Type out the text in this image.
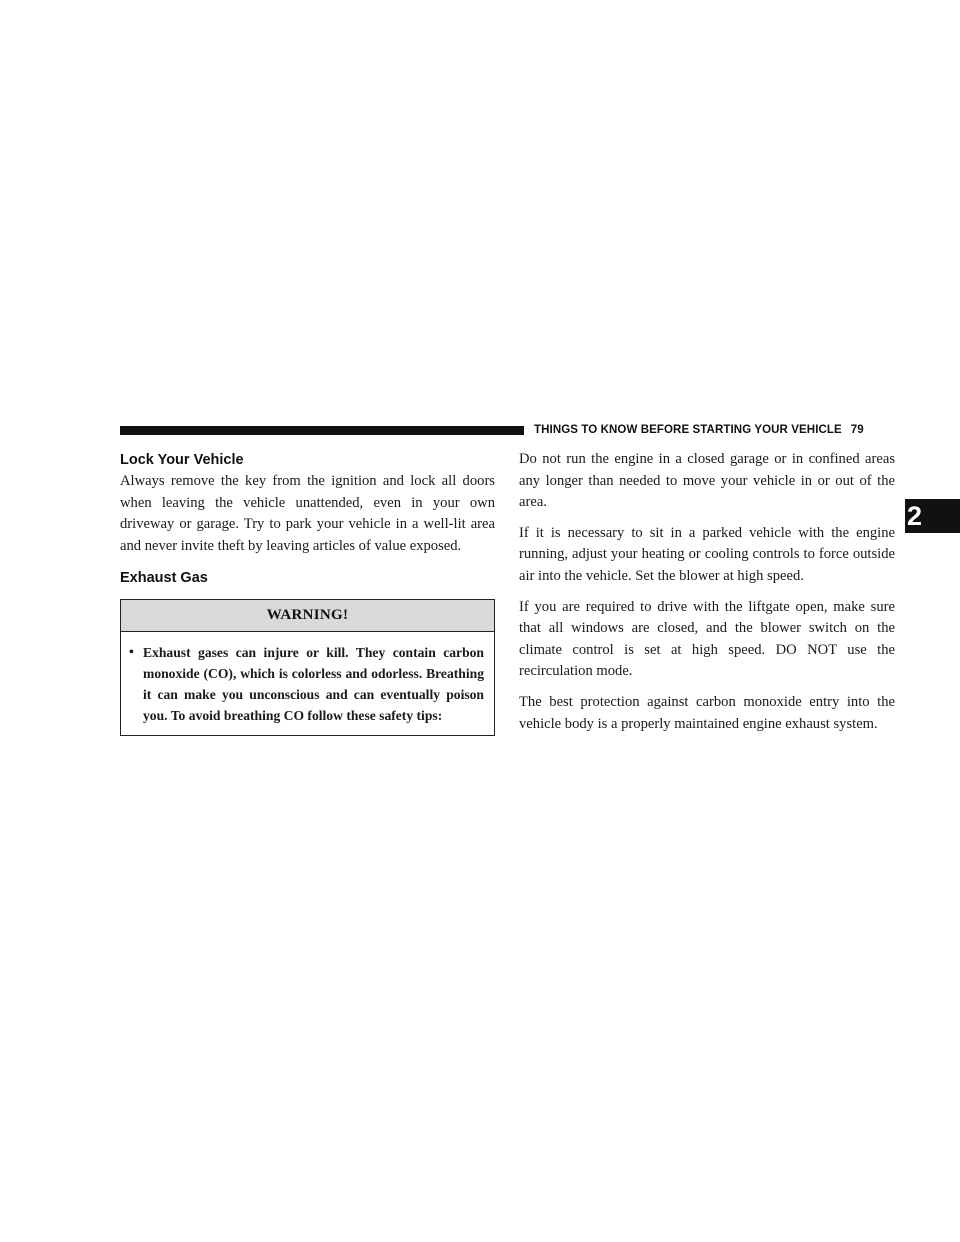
THINGS TO KNOW BEFORE STARTING YOUR VEHICLE 79
2
Lock Your Vehicle

Always remove the key from the ignition and lock all doors when leaving the vehicle unattended, even in your own driveway or garage. Try to park your vehicle in a well-lit area and never invite theft by leaving articles of value exposed.

Exhaust Gas
WARNING!
• Exhaust gases can injure or kill. They contain carbon monoxide (CO), which is colorless and odorless. Breathing it can make you unconscious and can eventually poison you. To avoid breathing CO follow these safety tips:

Do not run the engine in a closed garage or in confined areas any longer than needed to move your vehicle in or out of the area.

If it is necessary to sit in a parked vehicle with the engine running, adjust your heating or cooling controls to force outside air into the vehicle. Set the blower at high speed.

If you are required to drive with the liftgate open, make sure that all windows are closed, and the blower switch on the climate control is set at high speed. DO NOT use the recirculation mode.

The best protection against carbon monoxide entry into the vehicle body is a properly maintained engine exhaust system.
